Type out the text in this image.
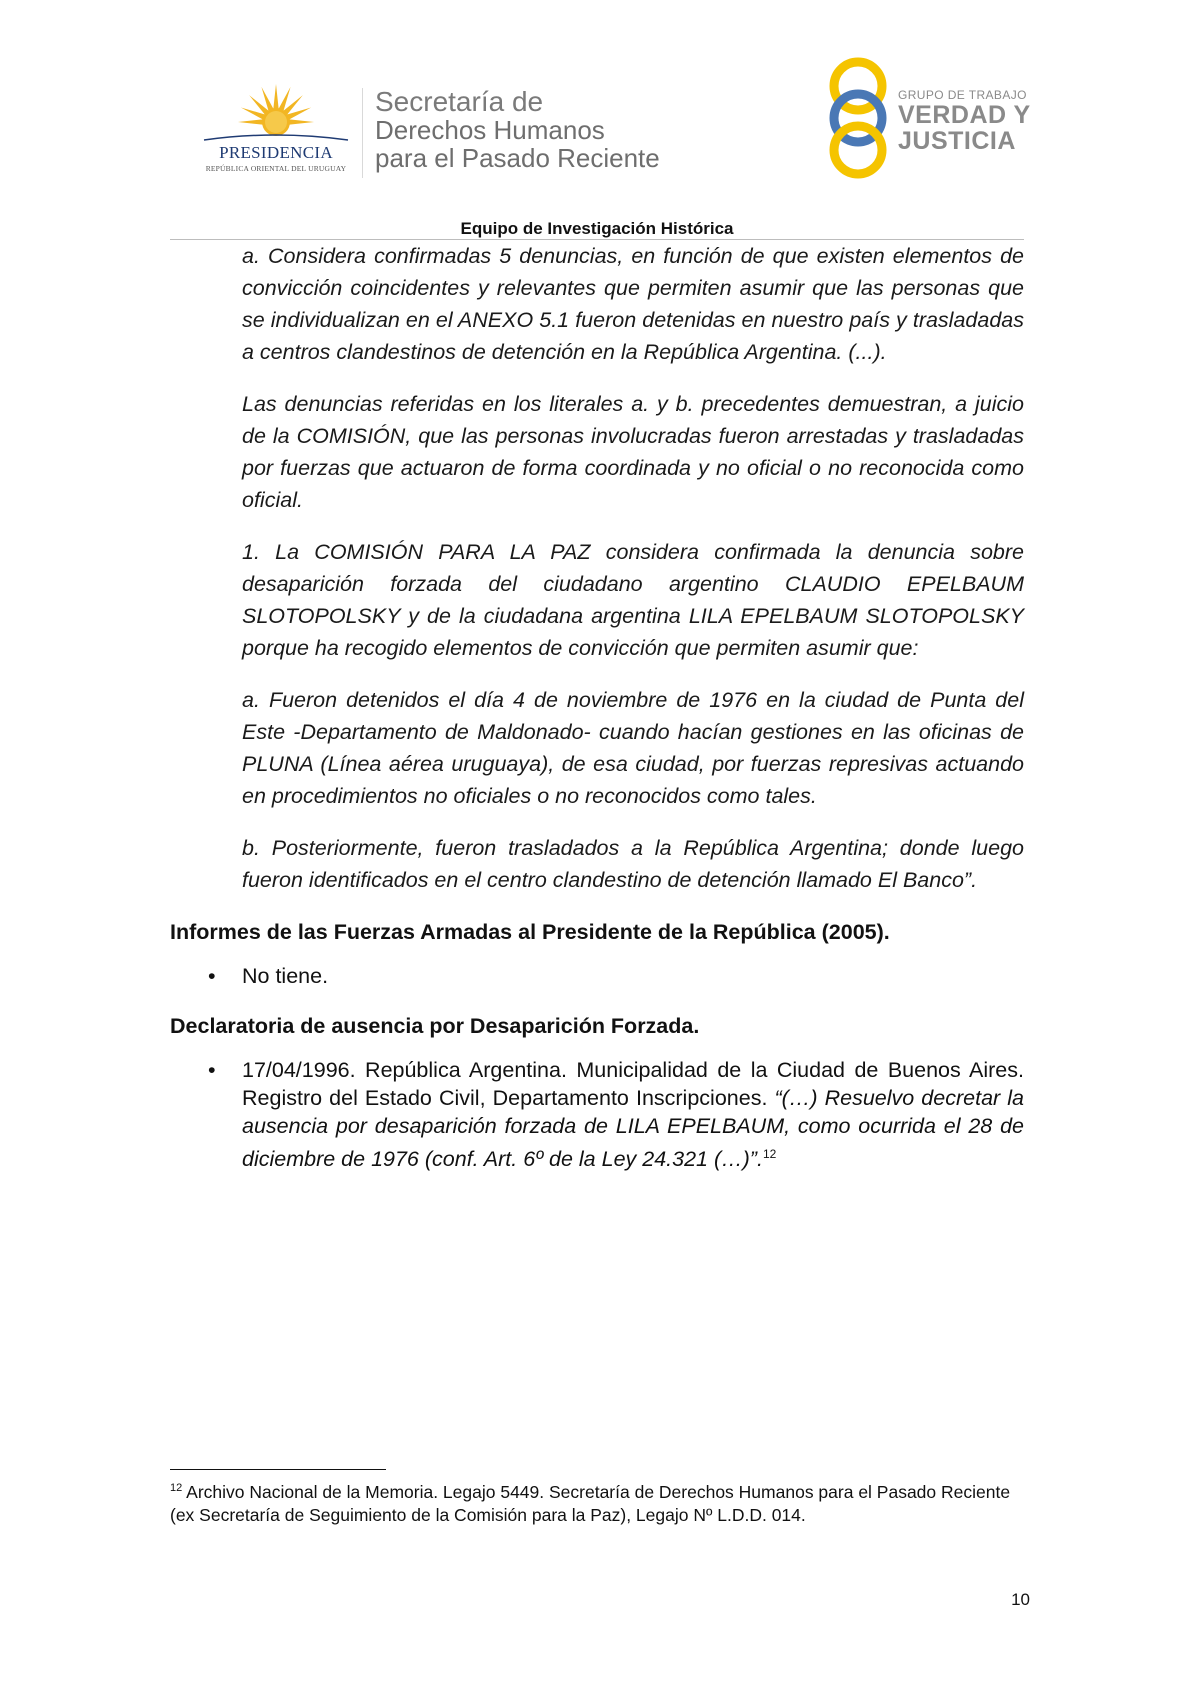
PRESIDENCIA
REPÚBLICA ORIENTAL DEL URUGUAY
Secretaría de
Derechos Humanos
para el Pasado Reciente
GRUPO DE TRABAJO
VERDAD Y
JUSTICIA
Equipo de Investigación Histórica

a. Considera confirmadas 5 denuncias, en función de que existen elementos de convicción coincidentes y relevantes que permiten asumir que las personas que se individualizan en el ANEXO 5.1 fueron detenidas en nuestro país y trasladadas a centros clandestinos de detención en la República Argentina. (...).

Las denuncias referidas en los literales a. y b. precedentes demuestran, a juicio de la COMISIÓN, que las personas involucradas fueron arrestadas y trasladadas por fuerzas que actuaron de forma coordinada y no oficial o no reconocida como oficial.

1. La COMISIÓN PARA LA PAZ considera confirmada la denuncia sobre desaparición forzada del ciudadano argentino CLAUDIO EPELBAUM SLOTOPOLSKY y de la ciudadana argentina LILA EPELBAUM SLOTOPOLSKY porque ha recogido elementos de convicción que permiten asumir que:

a. Fueron detenidos el día 4 de noviembre de 1976 en la ciudad de Punta del Este -Departamento de Maldonado- cuando hacían gestiones en las oficinas de PLUNA (Línea aérea uruguaya), de esa ciudad, por fuerzas represivas actuando en procedimientos no oficiales o no reconocidos como tales.

b. Posteriormente, fueron trasladados a la República Argentina; donde luego fueron identificados en el centro clandestino de detención llamado El Banco”.

Informes de las Fuerzas Armadas al Presidente de la República (2005).
• No tiene.
Declaratoria de ausencia por Desaparición Forzada.
• 17/04/1996. República Argentina. Municipalidad de la Ciudad de Buenos Aires. Registro del Estado Civil, Departamento Inscripciones. “(…) Resuelvo decretar la ausencia por desaparición forzada de LILA EPELBAUM, como ocurrida el 28 de diciembre de 1976 (conf. Art. 6º de la Ley 24.321 (…)”.$^{12}$
$^{12}$ Archivo Nacional de la Memoria. Legajo 5449. Secretaría de Derechos Humanos para el Pasado Reciente (ex Secretaría de Seguimiento de la Comisión para la Paz), Legajo Nº L.D.D. 014.
10
